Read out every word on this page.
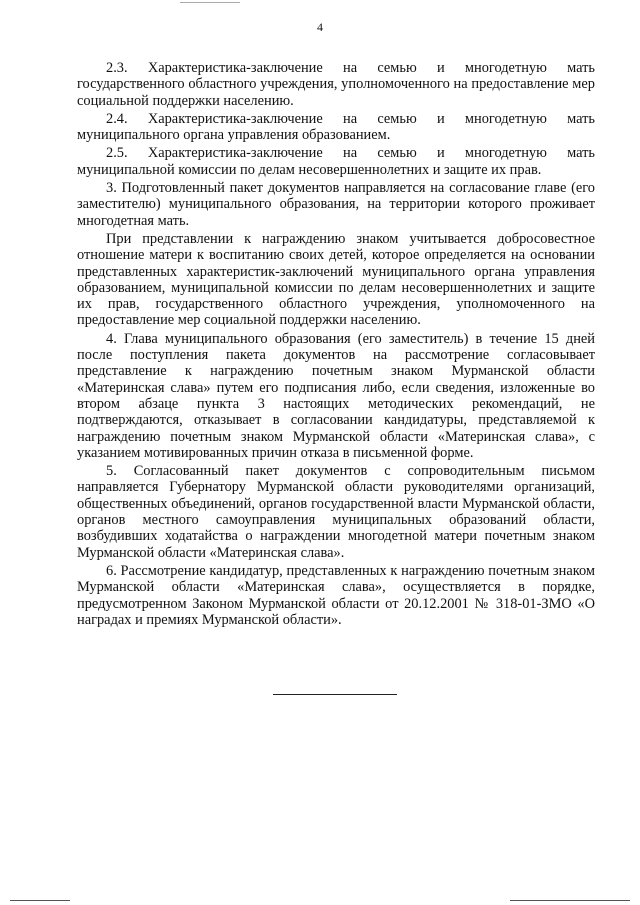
4

2.3. Характеристика-заключение на семью и многодетную мать государственного областного учреждения, уполномоченного на предоставление мер социальной поддержки населению.

2.4. Характеристика-заключение на семью и многодетную мать муниципального органа управления образованием.

2.5. Характеристика-заключение на семью и многодетную мать муниципальной комиссии по делам несовершеннолетних и защите их прав.

3. Подготовленный пакет документов направляется на согласование главе (его заместителю) муниципального образования, на территории которого проживает многодетная мать.

При представлении к награждению знаком учитывается добросовестное отношение матери к воспитанию своих детей, которое определяется на основании представленных характеристик-заключений муниципального органа управления образованием, муниципальной комиссии по делам несовершеннолетних и защите их прав, государственного областного учреждения, уполномоченного на предоставление мер социальной поддержки населению.

4. Глава муниципального образования (его заместитель) в течение 15 дней после поступления пакета документов на рассмотрение согласовывает представление к награждению почетным знаком Мурманской области «Материнская слава» путем его подписания либо, если сведения, изложенные во втором абзаце пункта 3 настоящих методических рекомендаций, не подтверждаются, отказывает в согласовании кандидатуры, представляемой к награждению почетным знаком Мурманской области «Материнская слава», с указанием мотивированных причин отказа в письменной форме.

5. Согласованный пакет документов с сопроводительным письмом направляется Губернатору Мурманской области руководителями организаций, общественных объединений, органов государственной власти Мурманской области, органов местного самоуправления муниципальных образований области, возбудивших ходатайства о награждении многодетной матери почетным знаком Мурманской области «Материнская слава».

6. Рассмотрение кандидатур, представленных к награждению почетным знаком Мурманской области «Материнская слава», осуществляется в порядке, предусмотренном Законом Мурманской области от 20.12.2001 № 318-01-ЗМО «О наградах и премиях Мурманской области».
